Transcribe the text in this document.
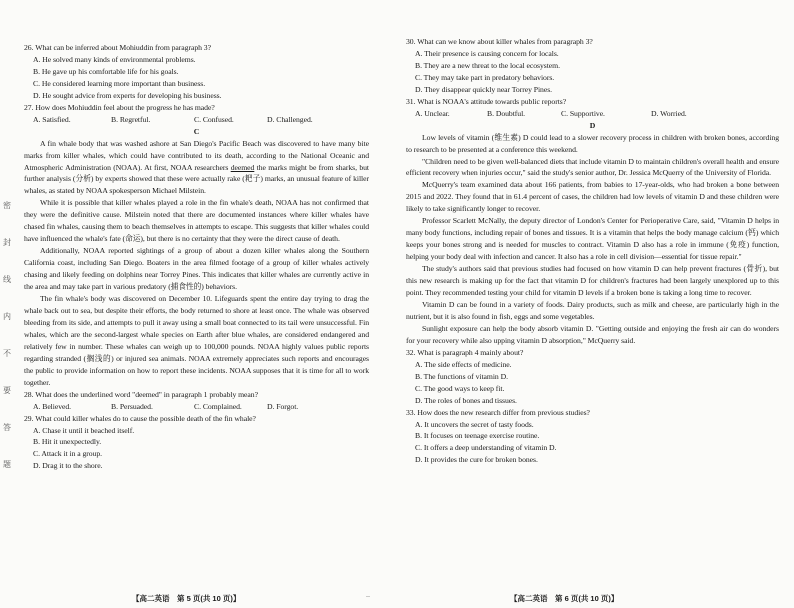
密
封
线
内
不
要
答
题

26. What can be inferred about Mohiuddin from paragraph 3?

A. He solved many kinds of environmental problems.

B. He gave up his comfortable life for his goals.

C. He considered learning more important than business.

D. He sought advice from experts for developing his business.

27. How does Mohiuddin feel about the progress he has made?

A. Satisfied.	B. Regretful.	C. Confused.	D. Challenged.

C

A fin whale body that was washed ashore at San Diego's Pacific Beach was discovered to have many bite marks from killer whales, which could have contributed to its death, according to the National Oceanic and Atmospheric Administration (NOAA). At first, NOAA researchers deemed the marks might be from sharks, but further analysis (分析) by experts showed that these were actually rake (耙子) marks, an unusual feature of killer whales, as stated by NOAA spokesperson Michael Milstein.

While it is possible that killer whales played a role in the fin whale's death, NOAA has not confirmed that they were the definitive cause. Milstein noted that there are documented instances where killer whales have chased fin whales, causing them to beach themselves in attempts to escape. This suggests that killer whales could have influenced the whale's fate (命运), but there is no certainty that they were the direct cause of death.

Additionally, NOAA reported sightings of a group of about a dozen killer whales along the Southern California coast, including San Diego. Boaters in the area filmed footage of a group of killer whales actively chasing and likely feeding on dolphins near Torrey Pines. This indicates that killer whales are currently active in the area and may take part in various predatory (捕食性的) behaviors.

The fin whale's body was discovered on December 10. Lifeguards spent the entire day trying to drag the whale back out to sea, but despite their efforts, the body returned to shore at least once. The whale was observed bleeding from its side, and attempts to pull it away using a small boat connected to its tail were unsuccessful. Fin whales, which are the second-largest whale species on Earth after blue whales, are considered endangered and relatively few in number. These whales can weigh up to 100,000 pounds. NOAA highly values public reports regarding stranded (搁浅的) or injured sea animals. NOAA extremely appreciates such reports and encourages the public to provide information on how to report these incidents. NOAA supposes that it is time for all to work together.

28. What does the underlined word "deemed" in paragraph 1 probably mean?

A. Believed.	B. Persuaded.	C. Complained.	D. Forgot.

29. What could killer whales do to cause the possible death of the fin whale?

A. Chase it until it beached itself.

B. Hit it unexpectedly.

C. Attack it in a group.

D. Drag it to the shore.

30. What can we know about killer whales from paragraph 3?

A. Their presence is causing concern for locals.

B. They are a new threat to the local ecosystem.

C. They may take part in predatory behaviors.

D. They disappear quickly near Torrey Pines.

31. What is NOAA's attitude towards public reports?

A. Unclear.	B. Doubtful.	C. Supportive.	D. Worried.

D

Low levels of vitamin (维生素) D could lead to a slower recovery process in children with broken bones, according to research to be presented at a conference this weekend.

"Children need to be given well-balanced diets that include vitamin D to maintain children's overall health and ensure efficient recovery when injuries occur," said the study's senior author, Dr. Jessica McQuerry of the University of Florida.

McQuerry's team examined data about 166 patients, from babies to 17-year-olds, who had broken a bone between 2015 and 2022. They found that in 61.4 percent of cases, the children had low levels of vitamin D and these children were likely to take significantly longer to recover.

Professor Scarlett McNally, the deputy director of London's Center for Perioperative Care, said, "Vitamin D helps in many body functions, including repair of bones and tissues. It is a vitamin that helps the body manage calcium (钙) which keeps your bones strong and is needed for muscles to contract. Vitamin D also has a role in immune (免疫) function, helping your body deal with infection and cancer. It also has a role in cell division—essential for tissue repair."

The study's authors said that previous studies had focused on how vitamin D can help prevent fractures (骨折), but this new research is making up for the fact that vitamin D for children's fractures had been largely unexplored up to this point. They recommended testing your child for vitamin D levels if a broken bone is taking a long time to recover.

Vitamin D can be found in a variety of foods. Dairy products, such as milk and cheese, are particularly high in the nutrient, but it is also found in fish, eggs and some vegetables.

Sunlight exposure can help the body absorb vitamin D. "Getting outside and enjoying the fresh air can do wonders for your recovery while also upping vitamin D absorption," McQuerry said.

32. What is paragraph 4 mainly about?

A. The side effects of medicine.

B. The functions of vitamin D.

C. The good ways to keep fit.

D. The roles of bones and tissues.

33. How does the new research differ from previous studies?

A. It uncovers the secret of tasty foods.

B. It focuses on teenage exercise routine.

C. It offers a deep understanding of vitamin D.

D. It provides the cure for broken bones.

【高二英语　第 5 页(共 10 页)】	【高二英语　第 6 页(共 10 页)】
--
